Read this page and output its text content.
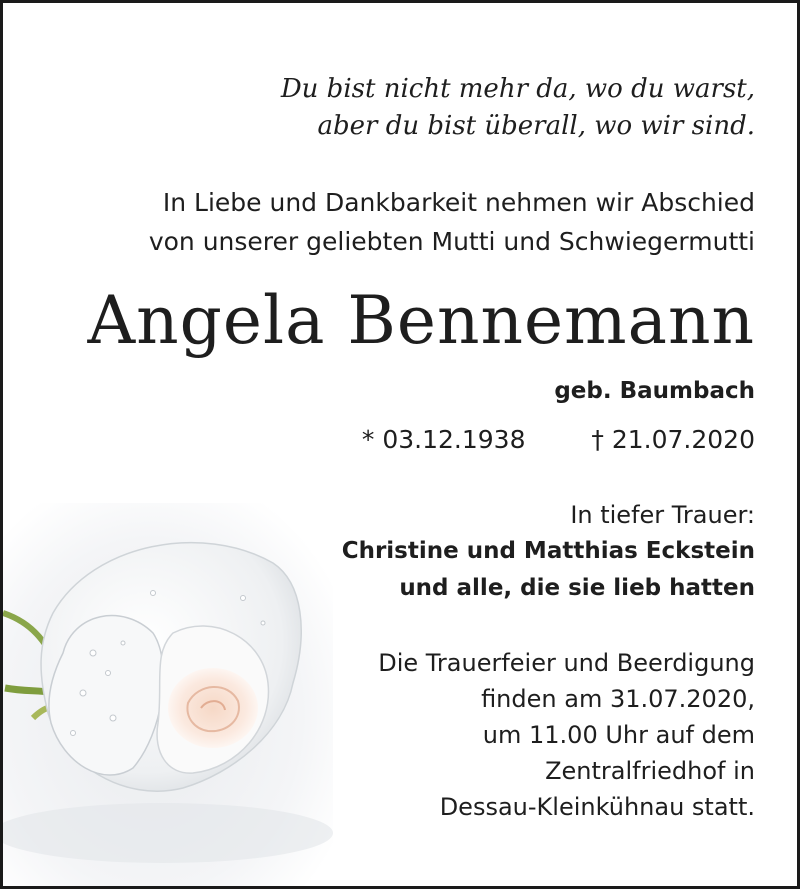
Du bist nicht mehr da, wo du warst,
aber du bist überall, wo wir sind.
In Liebe und Dankbarkeit nehmen wir Abschied
von unserer geliebten Mutti und Schwiegermutti
Angela Bennemann
geb. Baumbach
* 03.12.1938	† 21.07.2020
In tiefer Trauer:
Christine und Matthias Eckstein
und alle, die sie lieb hatten
Die Trauerfeier und Beerdigung
finden am 31.07.2020,
um 11.00 Uhr auf dem
Zentralfriedhof in
Dessau-Kleinkühnau statt.
